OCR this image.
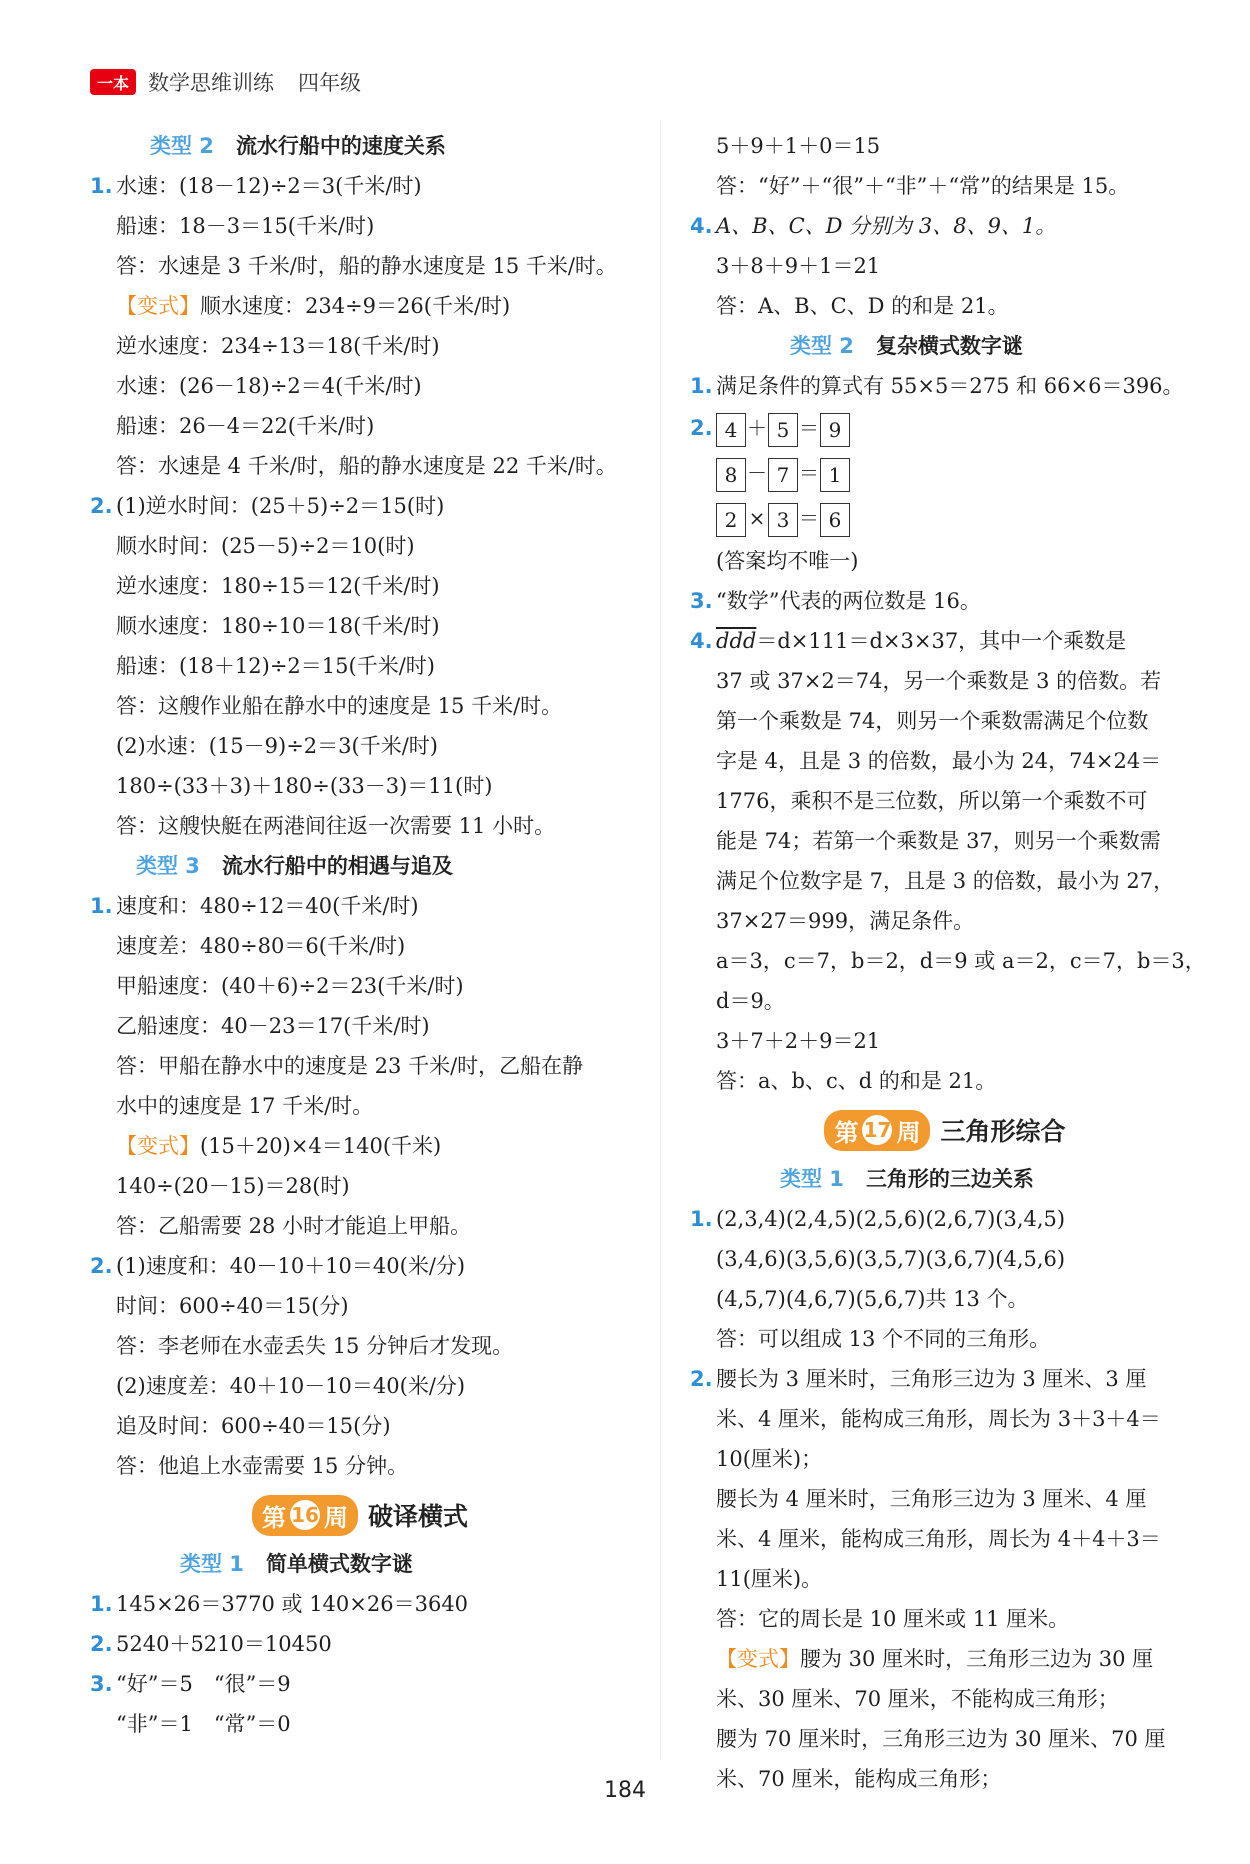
一本 数学思维训练 四年级
类型 2 流水行船中的速度关系
1. 水速：(18－12)÷2＝3(千米/时)
船速：18－3＝15(千米/时)
答：水速是 3 千米/时，船的静水速度是 15 千米/时。
【变式】顺水速度：234÷9＝26(千米/时)
逆水速度：234÷13＝18(千米/时)
水速：(26－18)÷2＝4(千米/时)
船速：26－4＝22(千米/时)
答：水速是 4 千米/时，船的静水速度是 22 千米/时。
2. (1)逆水时间：(25＋5)÷2＝15(时)
顺水时间：(25－5)÷2＝10(时)
逆水速度：180÷15＝12(千米/时)
顺水速度：180÷10＝18(千米/时)
船速：(18＋12)÷2＝15(千米/时)
答：这艘作业船在静水中的速度是 15 千米/时。
(2)水速：(15－9)÷2＝3(千米/时)
180÷(33＋3)＋180÷(33－3)＝11(时)
答：这艘快艇在两港间往返一次需要 11 小时。
类型 3 流水行船中的相遇与追及
1. 速度和：480÷12＝40(千米/时)
速度差：480÷80＝6(千米/时)
甲船速度：(40＋6)÷2＝23(千米/时)
乙船速度：40－23＝17(千米/时)
答：甲船在静水中的速度是 23 千米/时，乙船在静
水中的速度是 17 千米/时。
【变式】(15＋20)×4＝140(千米)
140÷(20－15)＝28(时)
答：乙船需要 28 小时才能追上甲船。
2. (1)速度和：40－10＋10＝40(米/分)
时间：600÷40＝15(分)
答：李老师在水壶丢失 15 分钟后才发现。
(2)速度差：40＋10－10＝40(米/分)
追及时间：600÷40＝15(分)
答：他追上水壶需要 15 分钟。
第 16 周 破译横式
类型 1 简单横式数字谜
1. 145×26＝3770 或 140×26＝3640
2. 5240＋5210＝10450
3. “好”＝5　“很”＝9
“非”＝1　“常”＝0
5＋9＋1＋0＝15
答：“好”＋“很”＋“非”＋“常”的结果是 15。
4. A、B、C、D 分别为 3、8、9、1。
3＋8＋9＋1＝21
答：A、B、C、D 的和是 21。
类型 2 复杂横式数字谜
1. 满足条件的算式有 55×5＝275 和 66×6＝396。
2. 4 ＋ 5 ＝ 9
8 － 7 ＝ 1
2 × 3 ＝ 6
(答案均不唯一)
3. “数学”代表的两位数是 16。
4. $\overline{ddd}=d\times 111=d\times 3\times 37$，其中一个乘数是
37 或 37×2＝74，另一个乘数是 3 的倍数。若
第一个乘数是 74，则另一个乘数需满足个位数
字是 4，且是 3 的倍数，最小为 24，74×24＝
1776，乘积不是三位数，所以第一个乘数不可
能是 74；若第一个乘数是 37，则另一个乘数需
满足个位数字是 7，且是 3 的倍数，最小为 27，
37×27＝999，满足条件。
a＝3，c＝7，b＝2，d＝9 或 a＝2，c＝7，b＝3，
d＝9。
3＋7＋2＋9＝21
答：a、b、c、d 的和是 21。
第 17 周 三角形综合
类型 1 三角形的三边关系
1. (2,3,4)(2,4,5)(2,5,6)(2,6,7)(3,4,5)
(3,4,6)(3,5,6)(3,5,7)(3,6,7)(4,5,6)
(4,5,7)(4,6,7)(5,6,7)共 13 个。
答：可以组成 13 个不同的三角形。
2. 腰长为 3 厘米时，三角形三边为 3 厘米、3 厘
米、4 厘米，能构成三角形，周长为 3＋3＋4＝
10(厘米)；
腰长为 4 厘米时，三角形三边为 3 厘米、4 厘
米、4 厘米，能构成三角形，周长为 4＋4＋3＝
11(厘米)。
答：它的周长是 10 厘米或 11 厘米。
【变式】腰为 30 厘米时，三角形三边为 30 厘
米、30 厘米、70 厘米，不能构成三角形；
腰为 70 厘米时，三角形三边为 30 厘米、70 厘
米、70 厘米，能构成三角形；
184
